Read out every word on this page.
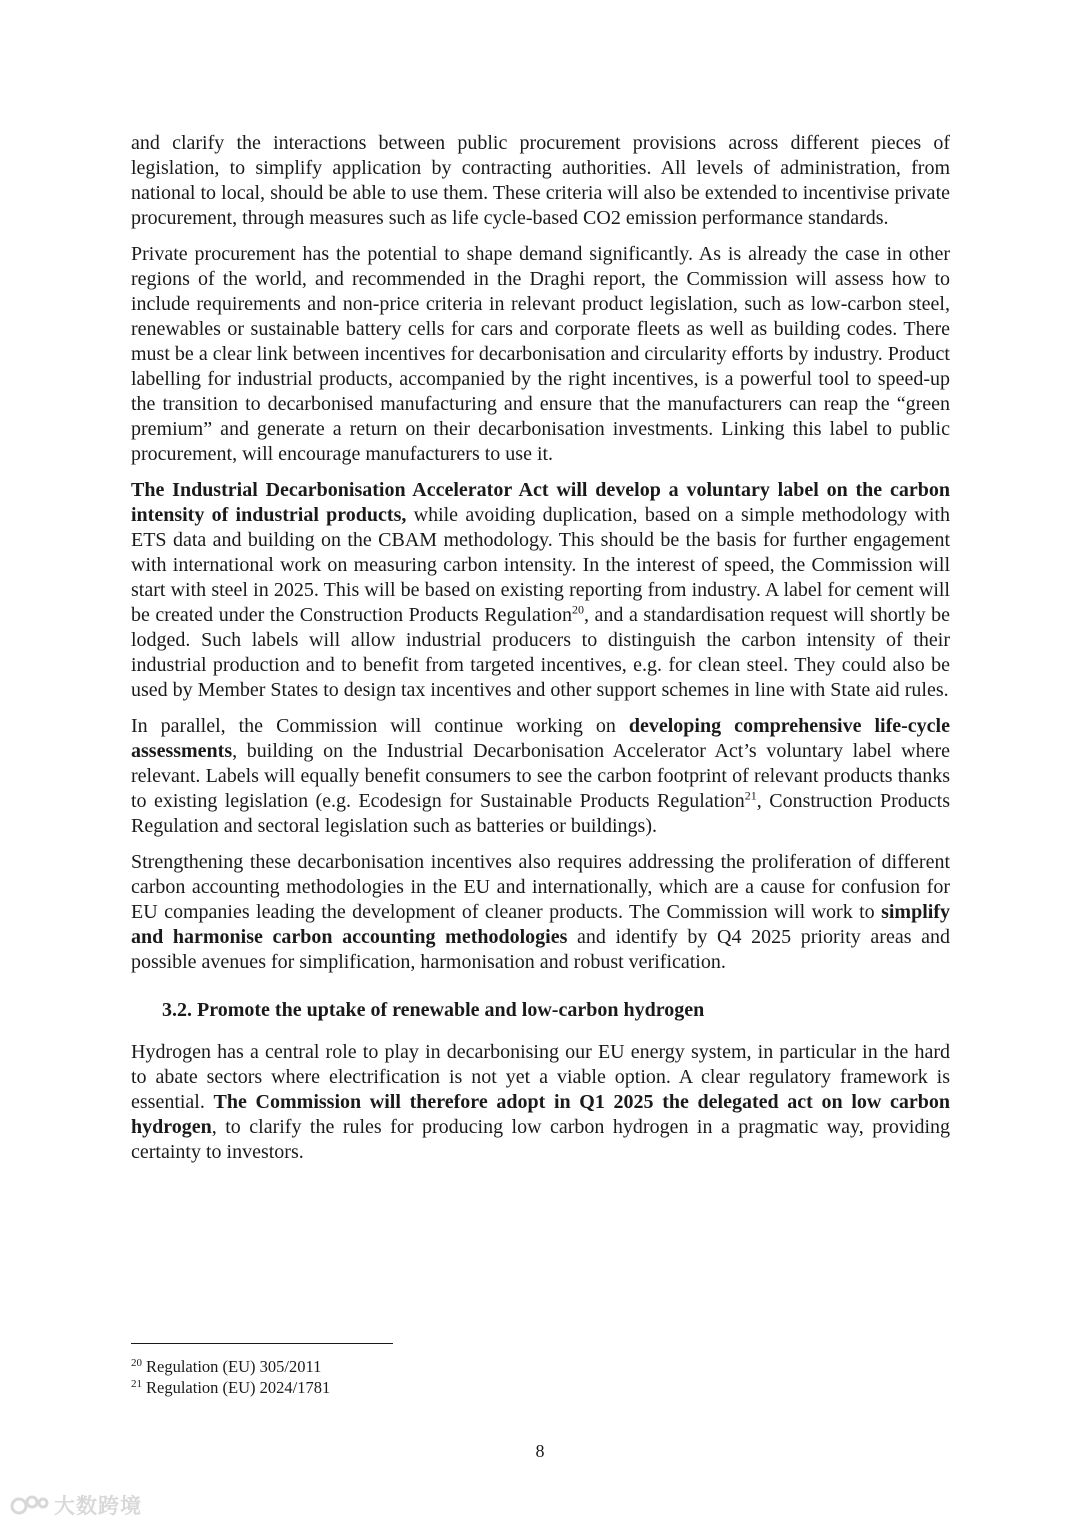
and clarify the interactions between public procurement provisions across different pieces of legislation, to simplify application by contracting authorities. All levels of administration, from national to local, should be able to use them. These criteria will also be extended to incentivise private procurement, through measures such as life cycle-based CO2 emission performance standards.

Private procurement has the potential to shape demand significantly. As is already the case in other regions of the world, and recommended in the Draghi report, the Commission will assess how to include requirements and non-price criteria in relevant product legislation, such as low-carbon steel, renewables or sustainable battery cells for cars and corporate fleets as well as building codes. There must be a clear link between incentives for decarbonisation and circularity efforts by industry. Product labelling for industrial products, accompanied by the right incentives, is a powerful tool to speed-up the transition to decarbonised manufacturing and ensure that the manufacturers can reap the “green premium” and generate a return on their decarbonisation investments. Linking this label to public procurement, will encourage manufacturers to use it.

The Industrial Decarbonisation Accelerator Act will develop a voluntary label on the carbon intensity of industrial products, while avoiding duplication, based on a simple methodology with ETS data and building on the CBAM methodology. This should be the basis for further engagement with international work on measuring carbon intensity. In the interest of speed, the Commission will start with steel in 2025. This will be based on existing reporting from industry. A label for cement will be created under the Construction Products Regulation$^{20}$, and a standardisation request will shortly be lodged. Such labels will allow industrial producers to distinguish the carbon intensity of their industrial production and to benefit from targeted incentives, e.g. for clean steel. They could also be used by Member States to design tax incentives and other support schemes in line with State aid rules.

In parallel, the Commission will continue working on developing comprehensive life-cycle assessments, building on the Industrial Decarbonisation Accelerator Act’s voluntary label where relevant. Labels will equally benefit consumers to see the carbon footprint of relevant products thanks to existing legislation (e.g. Ecodesign for Sustainable Products Regulation$^{21}$, Construction Products Regulation and sectoral legislation such as batteries or buildings).

Strengthening these decarbonisation incentives also requires addressing the proliferation of different carbon accounting methodologies in the EU and internationally, which are a cause for confusion for EU companies leading the development of cleaner products. The Commission will work to simplify and harmonise carbon accounting methodologies and identify by Q4 2025 priority areas and possible avenues for simplification, harmonisation and robust verification.

3.2. Promote the uptake of renewable and low-carbon hydrogen

Hydrogen has a central role to play in decarbonising our EU energy system, in particular in the hard to abate sectors where electrification is not yet a viable option. A clear regulatory framework is essential. The Commission will therefore adopt in Q1 2025 the delegated act on low carbon hydrogen, to clarify the rules for producing low carbon hydrogen in a pragmatic way, providing certainty to investors.

$^{20}$ Regulation (EU) 305/2011

$^{21}$ Regulation (EU) 2024/1781

8
大数跨境
